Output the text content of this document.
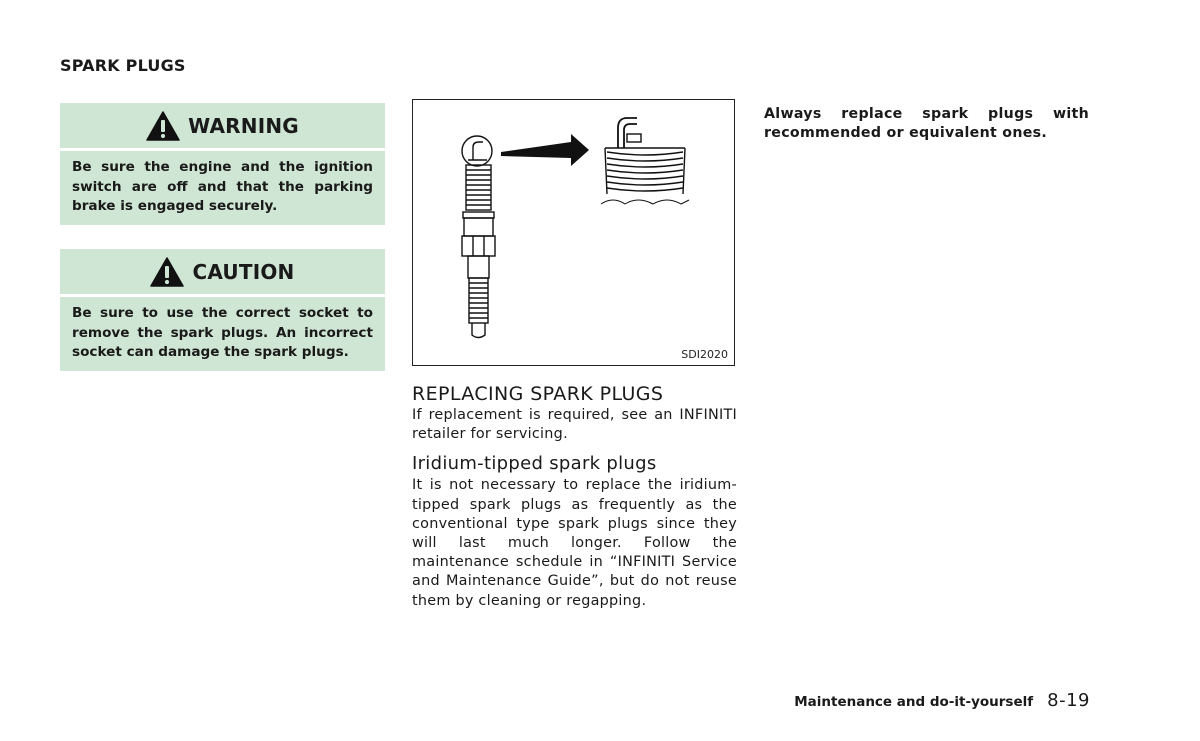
SPARK PLUGS
WARNING
Be sure the engine and the ignition switch are off and that the parking brake is engaged securely.
CAUTION
Be sure to use the correct socket to remove the spark plugs. An incorrect socket can damage the spark plugs.	SDI2020
REPLACING SPARK PLUGS

If replacement is required, see an INFINITI retailer for servicing.

Iridium-tipped spark plugs

It is not necessary to replace the iridium-tipped spark plugs as frequently as the conventional type spark plugs since they will last much longer. Follow the maintenance schedule in “INFINITI Service and Maintenance Guide”, but do not reuse them by cleaning or regapping.

Always replace spark plugs with recommended or equivalent ones.

Maintenance and do-it-yourself 8-19
